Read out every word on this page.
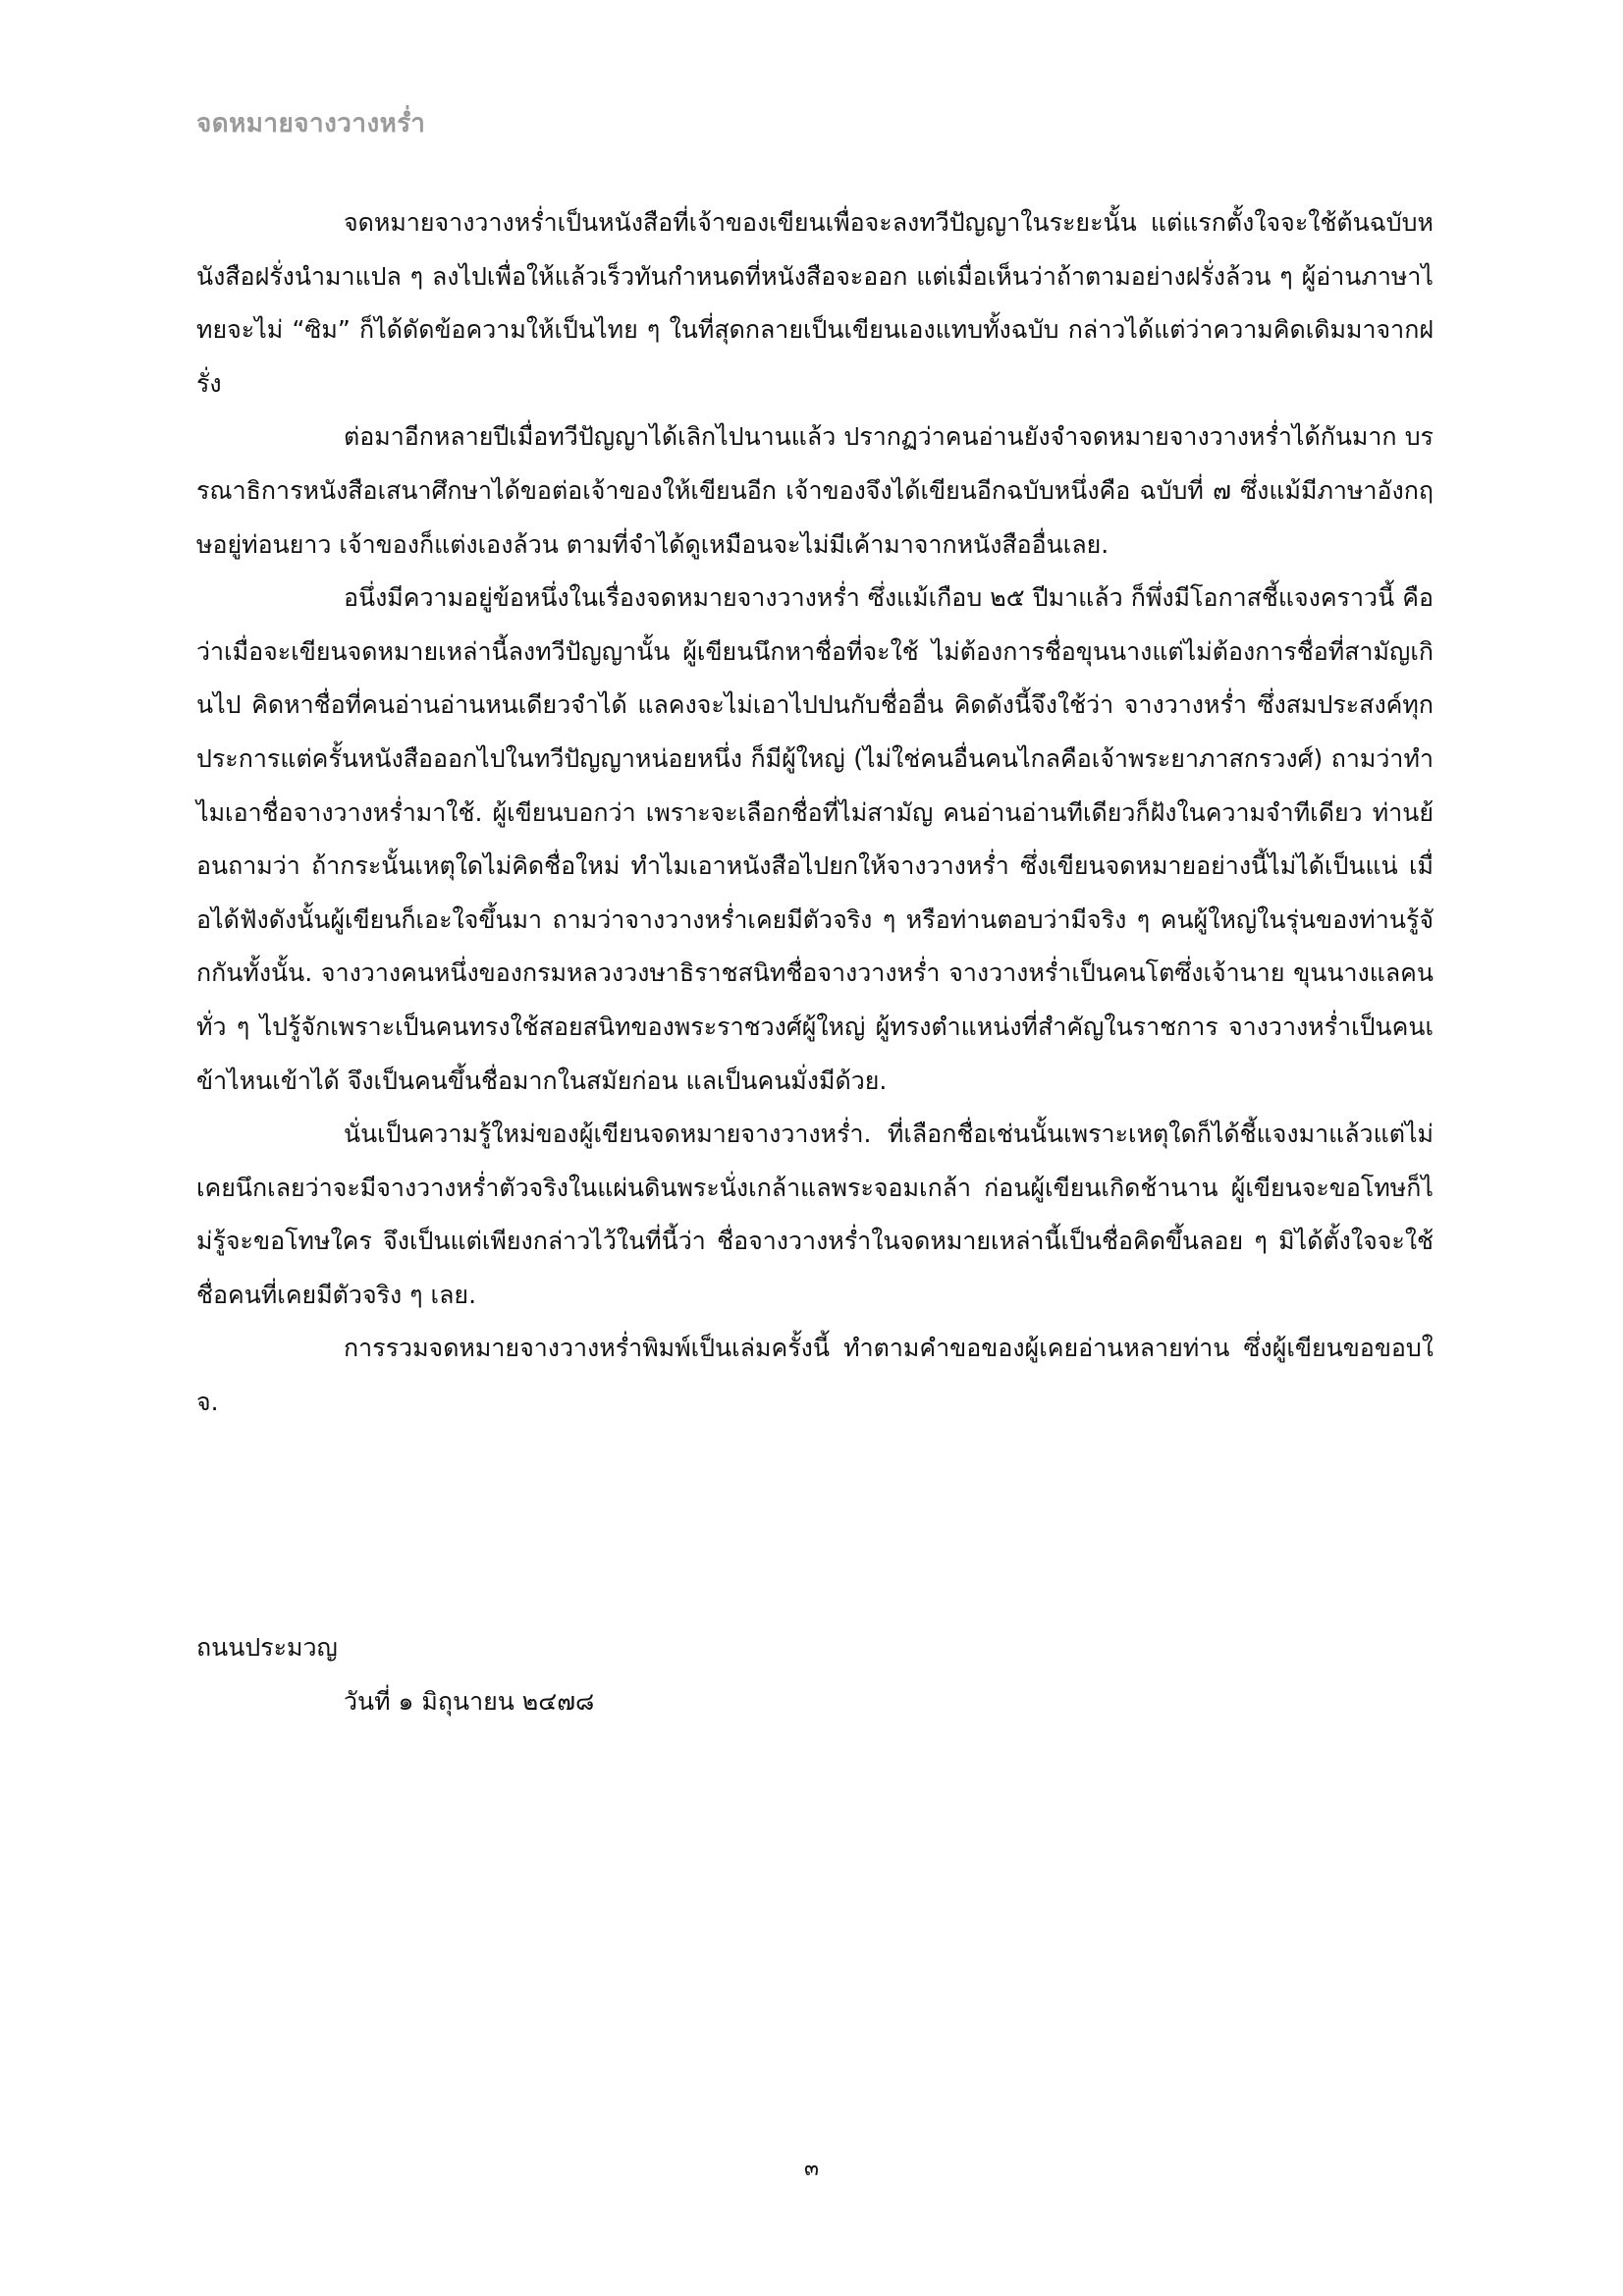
จดหมายจางวางหร่ำ

จดหมายจางวางหร่ำเป็นหนังสือที่เจ้าของเขียนเพื่อจะลงทวีปัญญาในระยะนั้น แต่แรกตั้งใจจะใช้ต้นฉบับหนังสือฝรั่งนำมาแปล ๆ ลงไปเพื่อให้แล้วเร็วทันกำหนดที่หนังสือจะออก แต่เมื่อเห็นว่าถ้าตามอย่างฝรั่งล้วน ๆ ผู้อ่านภาษาไทยจะไม่ “ซิม” ก็ได้ดัดข้อความให้เป็นไทย ๆ ในที่สุดกลายเป็นเขียนเองแทบทั้งฉบับ กล่าวได้แต่ว่าความคิดเดิมมาจากฝรั่ง

ต่อมาอีกหลายปีเมื่อทวีปัญญาได้เลิกไปนานแล้ว ปรากฏว่าคนอ่านยังจำจดหมายจางวางหร่ำได้กันมาก บรรณาธิการหนังสือเสนาศึกษาได้ขอต่อเจ้าของให้เขียนอีก เจ้าของจึงได้เขียนอีกฉบับหนึ่งคือ ฉบับที่ ๗ ซึ่งแม้มีภาษาอังกฤษอยู่ท่อนยาว เจ้าของก็แต่งเองล้วน ตามที่จำได้ดูเหมือนจะไม่มีเค้ามาจากหนังสืออื่นเลย.

อนึ่งมีความอยู่ข้อหนึ่งในเรื่องจดหมายจางวางหร่ำ ซึ่งแม้เกือบ ๒๕ ปีมาแล้ว ก็พึ่งมีโอกาสชี้แจงคราวนี้ คือว่าเมื่อจะเขียนจดหมายเหล่านี้ลงทวีปัญญานั้น ผู้เขียนนึกหาชื่อที่จะใช้ ไม่ต้องการชื่อขุนนางแต่ไม่ต้องการชื่อที่สามัญเกินไป คิดหาชื่อที่คนอ่านอ่านหนเดียวจำได้ แลคงจะไม่เอาไปปนกับชื่ออื่น คิดดังนี้จึงใช้ว่า จางวางหร่ำ ซึ่งสมประสงค์ทุกประการแต่ครั้นหนังสือออกไปในทวีปัญญาหน่อยหนึ่ง ก็มีผู้ใหญ่ (ไม่ใช่คนอื่นคนไกลคือเจ้าพระยาภาสกรวงศ์) ถามว่าทำไมเอาชื่อจางวางหร่ำมาใช้. ผู้เขียนบอกว่า เพราะจะเลือกชื่อที่ไม่สามัญ คนอ่านอ่านทีเดียวก็ฝังในความจำทีเดียว ท่านย้อนถามว่า ถ้ากระนั้นเหตุใดไม่คิดชื่อใหม่ ทำไมเอาหนังสือไปยกให้จางวางหร่ำ ซึ่งเขียนจดหมายอย่างนี้ไม่ได้เป็นแน่ เมื่อได้ฟังดังนั้นผู้เขียนก็เอะใจขึ้นมา ถามว่าจางวางหร่ำเคยมีตัวจริง ๆ หรือท่านตอบว่ามีจริง ๆ คนผู้ใหญ่ในรุ่นของท่านรู้จักกันทั้งนั้น. จางวางคนหนึ่งของกรมหลวงวงษาธิราชสนิทชื่อจางวางหร่ำ จางวางหร่ำเป็นคนโตซึ่งเจ้านาย ขุนนางแลคนทั่ว ๆ ไปรู้จักเพราะเป็นคนทรงใช้สอยสนิทของพระราชวงศ์ผู้ใหญ่ ผู้ทรงตำแหน่งที่สำคัญในราชการ จางวางหร่ำเป็นคนเข้าไหนเข้าได้ จึงเป็นคนขึ้นชื่อมากในสมัยก่อน แลเป็นคนมั่งมีด้วย.

นั่นเป็นความรู้ใหม่ของผู้เขียนจดหมายจางวางหร่ำ. ที่เลือกชื่อเช่นนั้นเพราะเหตุใดก็ได้ชี้แจงมาแล้วแต่ไม่เคยนึกเลยว่าจะมีจางวางหร่ำตัวจริงในแผ่นดินพระนั่งเกล้าแลพระจอมเกล้า ก่อนผู้เขียนเกิดช้านาน ผู้เขียนจะขอโทษก็ไม่รู้จะขอโทษใคร จึงเป็นแต่เพียงกล่าวไว้ในที่นี้ว่า ชื่อจางวางหร่ำในจดหมายเหล่านี้เป็นชื่อคิดขึ้นลอย ๆ มิได้ตั้งใจจะใช้ชื่อคนที่เคยมีตัวจริง ๆ เลย.

การรวมจดหมายจางวางหร่ำพิมพ์เป็นเล่มครั้งนี้ ทำตามคำขอของผู้เคยอ่านหลายท่าน ซึ่งผู้เขียนขอขอบใจ.

ถนนประมวญ
วันที่ ๑ มิถุนายน ๒๔๗๘
๓
